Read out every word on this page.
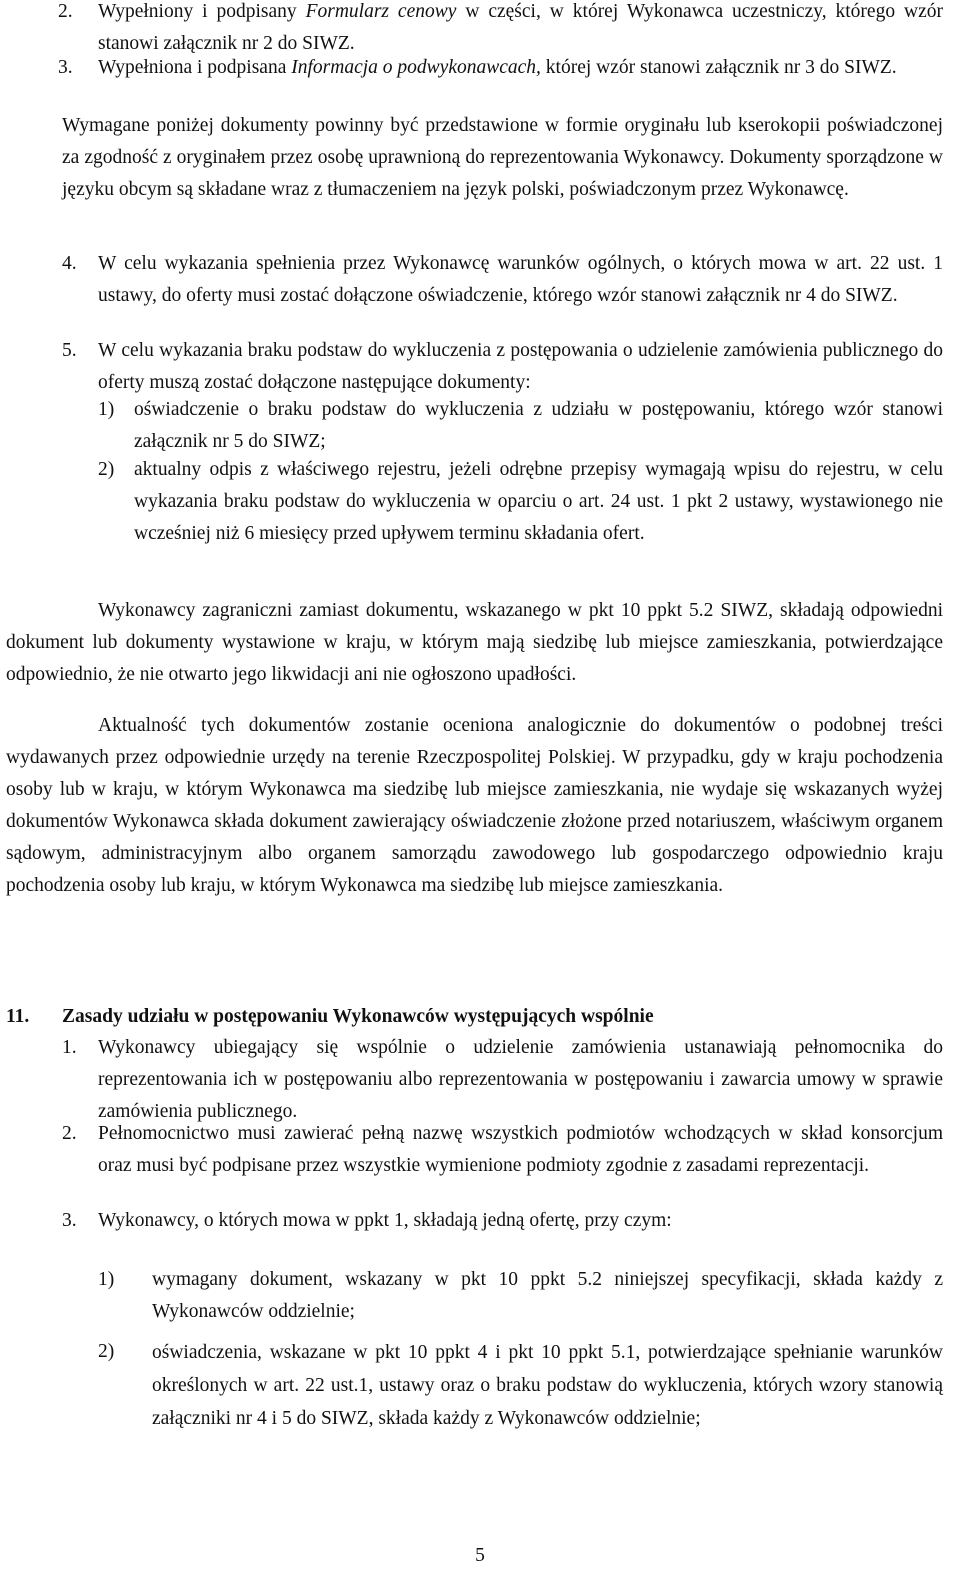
2. Wypełniony i podpisany Formularz cenowy w części, w której Wykonawca uczestniczy, którego wzór stanowi załącznik nr 2 do SIWZ.
3. Wypełniona i podpisana Informacja o podwykonawcach, której wzór stanowi załącznik nr 3 do SIWZ.
Wymagane poniżej dokumenty powinny być przedstawione w formie oryginału lub kserokopii poświadczonej za zgodność z oryginałem przez osobę uprawnioną do reprezentowania Wykonawcy. Dokumenty sporządzone w języku obcym są składane wraz z tłumaczeniem na język polski, poświadczonym przez Wykonawcę.
4. W celu wykazania spełnienia przez Wykonawcę warunków ogólnych, o których mowa w art. 22 ust. 1 ustawy, do oferty musi zostać dołączone oświadczenie, którego wzór stanowi załącznik nr 4 do SIWZ.
5. W celu wykazania braku podstaw do wykluczenia z postępowania o udzielenie zamówienia publicznego do oferty muszą zostać dołączone następujące dokumenty:
1) oświadczenie o braku podstaw do wykluczenia z udziału w postępowaniu, którego wzór stanowi załącznik nr 5 do SIWZ;
2) aktualny odpis z właściwego rejestru, jeżeli odrębne przepisy wymagają wpisu do rejestru, w celu wykazania braku podstaw do wykluczenia w oparciu o art. 24 ust. 1 pkt 2 ustawy, wystawionego nie wcześniej niż 6 miesięcy przed upływem terminu składania ofert.
Wykonawcy zagraniczni zamiast dokumentu, wskazanego w pkt 10 ppkt 5.2 SIWZ, składają odpowiedni dokument lub dokumenty wystawione w kraju, w którym mają siedzibę lub miejsce zamieszkania, potwierdzające odpowiednio, że nie otwarto jego likwidacji ani nie ogłoszono upadłości.
Aktualność tych dokumentów zostanie oceniona analogicznie do dokumentów o podobnej treści wydawanych przez odpowiednie urzędy na terenie Rzeczpospolitej Polskiej. W przypadku, gdy w kraju pochodzenia osoby lub w kraju, w którym Wykonawca ma siedzibę lub miejsce zamieszkania, nie wydaje się wskazanych wyżej dokumentów Wykonawca składa dokument zawierający oświadczenie złożone przed notariuszem, właściwym organem sądowym, administracyjnym albo organem samorządu zawodowego lub gospodarczego odpowiednio kraju pochodzenia osoby lub kraju, w którym Wykonawca ma siedzibę lub miejsce zamieszkania.
11. Zasady udziału w postępowaniu Wykonawców występujących wspólnie
1. Wykonawcy ubiegający się wspólnie o udzielenie zamówienia ustanawiają pełnomocnika do reprezentowania ich w postępowaniu albo reprezentowania w postępowaniu i zawarcia umowy w sprawie zamówienia publicznego.
2. Pełnomocnictwo musi zawierać pełną nazwę wszystkich podmiotów wchodzących w skład konsorcjum oraz musi być podpisane przez wszystkie wymienione podmioty zgodnie z zasadami reprezentacji.
3. Wykonawcy, o których mowa w ppkt 1, składają jedną ofertę, przy czym:
1) wymagany dokument, wskazany w pkt 10 ppkt 5.2 niniejszej specyfikacji, składa każdy z Wykonawców oddzielnie;
2) oświadczenia, wskazane w pkt 10 ppkt 4 i pkt 10 ppkt 5.1, potwierdzające spełnianie warunków określonych w art. 22 ust.1, ustawy oraz o braku podstaw do wykluczenia, których wzory stanowią załączniki nr 4 i 5 do SIWZ, składa każdy z Wykonawców oddzielnie;
5
